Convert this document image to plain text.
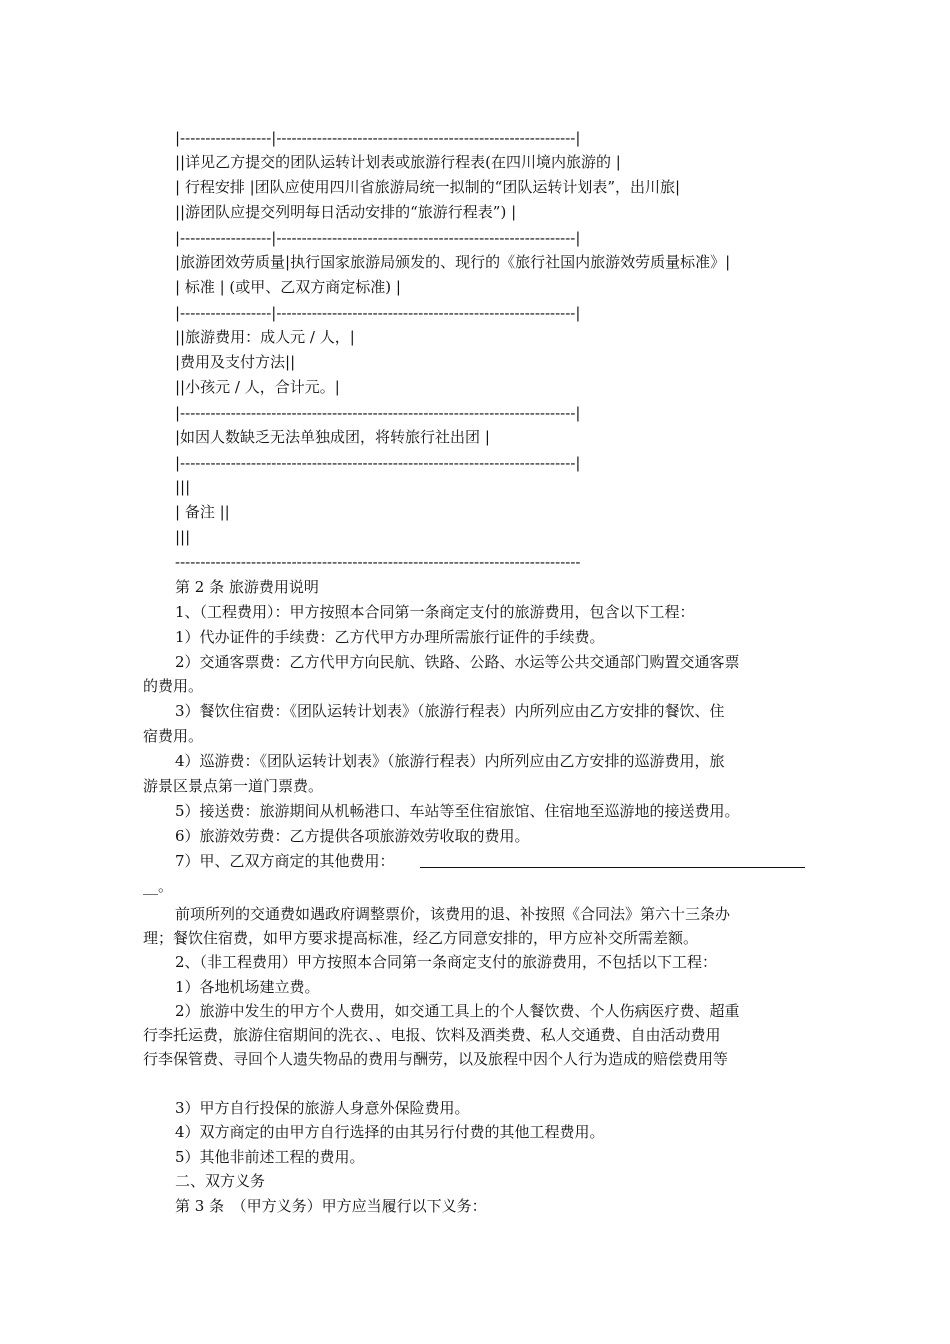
|------------------|-----------------------------------------------------------|
||详见乙方提交的团队运转计划表或旅游行程表(在四川境内旅游的 |
| 行程安排 |团队应使用四川省旅游局统一拟制的“团队运转计划表”，出川旅|
||游团队应提交列明每日活动安排的“旅游行程表”) |
|------------------|-----------------------------------------------------------|
|旅游团效劳质量|执行国家旅游局颁发的、现行的《旅行社国内旅游效劳质量标准》|
| 标准 | (或甲、乙双方商定标准) |
|------------------|-----------------------------------------------------------|
||旅游费用：成人元 / 人，|
|费用及支付方法||
||小孩元 / 人，合计元。|
|------------------------------------------------------------------------------|
|如因人数缺乏无法单独成团，将转旅行社出团 |
|------------------------------------------------------------------------------|
|||
| 备注 ||
|||
--------------------------------------------------------------------------------
第 2 条 旅游费用说明
1、（工程费用）：甲方按照本合同第一条商定支付的旅游费用，包含以下工程：
1）代办证件的手续费：乙方代甲方办理所需旅行证件的手续费。
2）交通客票费：乙方代甲方向民航、铁路、公路、水运等公共交通部门购置交通客票
的费用。
3）餐饮住宿费：《团队运转计划表》（旅游行程表）内所列应由乙方安排的餐饮、住
宿费用。
4）巡游费：《团队运转计划表》（旅游行程表）内所列应由乙方安排的巡游费用，旅
游景区景点第一道门票费。
5）接送费：旅游期间从机畅港口、车站等至住宿旅馆、住宿地至巡游地的接送费用。
6）旅游效劳费：乙方提供各项旅游效劳收取的费用。
7）甲、乙双方商定的其他费用：
__。
前项所列的交通费如遇政府调整票价，该费用的退、补按照《合同法》第六十三条办
理；餐饮住宿费，如甲方要求提高标准，经乙方同意安排的，甲方应补交所需差额。
2、（非工程费用）甲方按照本合同第一条商定支付的旅游费用，不包括以下工程：
1）各地机场建立费。
2）旅游中发生的甲方个人费用，如交通工具上的个人餐饮费、个人伤病医疗费、超重
行李托运费，旅游住宿期间的洗衣、、电报、饮料及酒类费、私人交通费、自由活动费用
行李保管费、寻回个人遗失物品的费用与酬劳，以及旅程中因个人行为造成的赔偿费用等
3）甲方自行投保的旅游人身意外保险费用。
4）双方商定的由甲方自行选择的由其另行付费的其他工程费用。
5）其他非前述工程的费用。
二、双方义务
第 3 条　（甲方义务）甲方应当履行以下义务：
